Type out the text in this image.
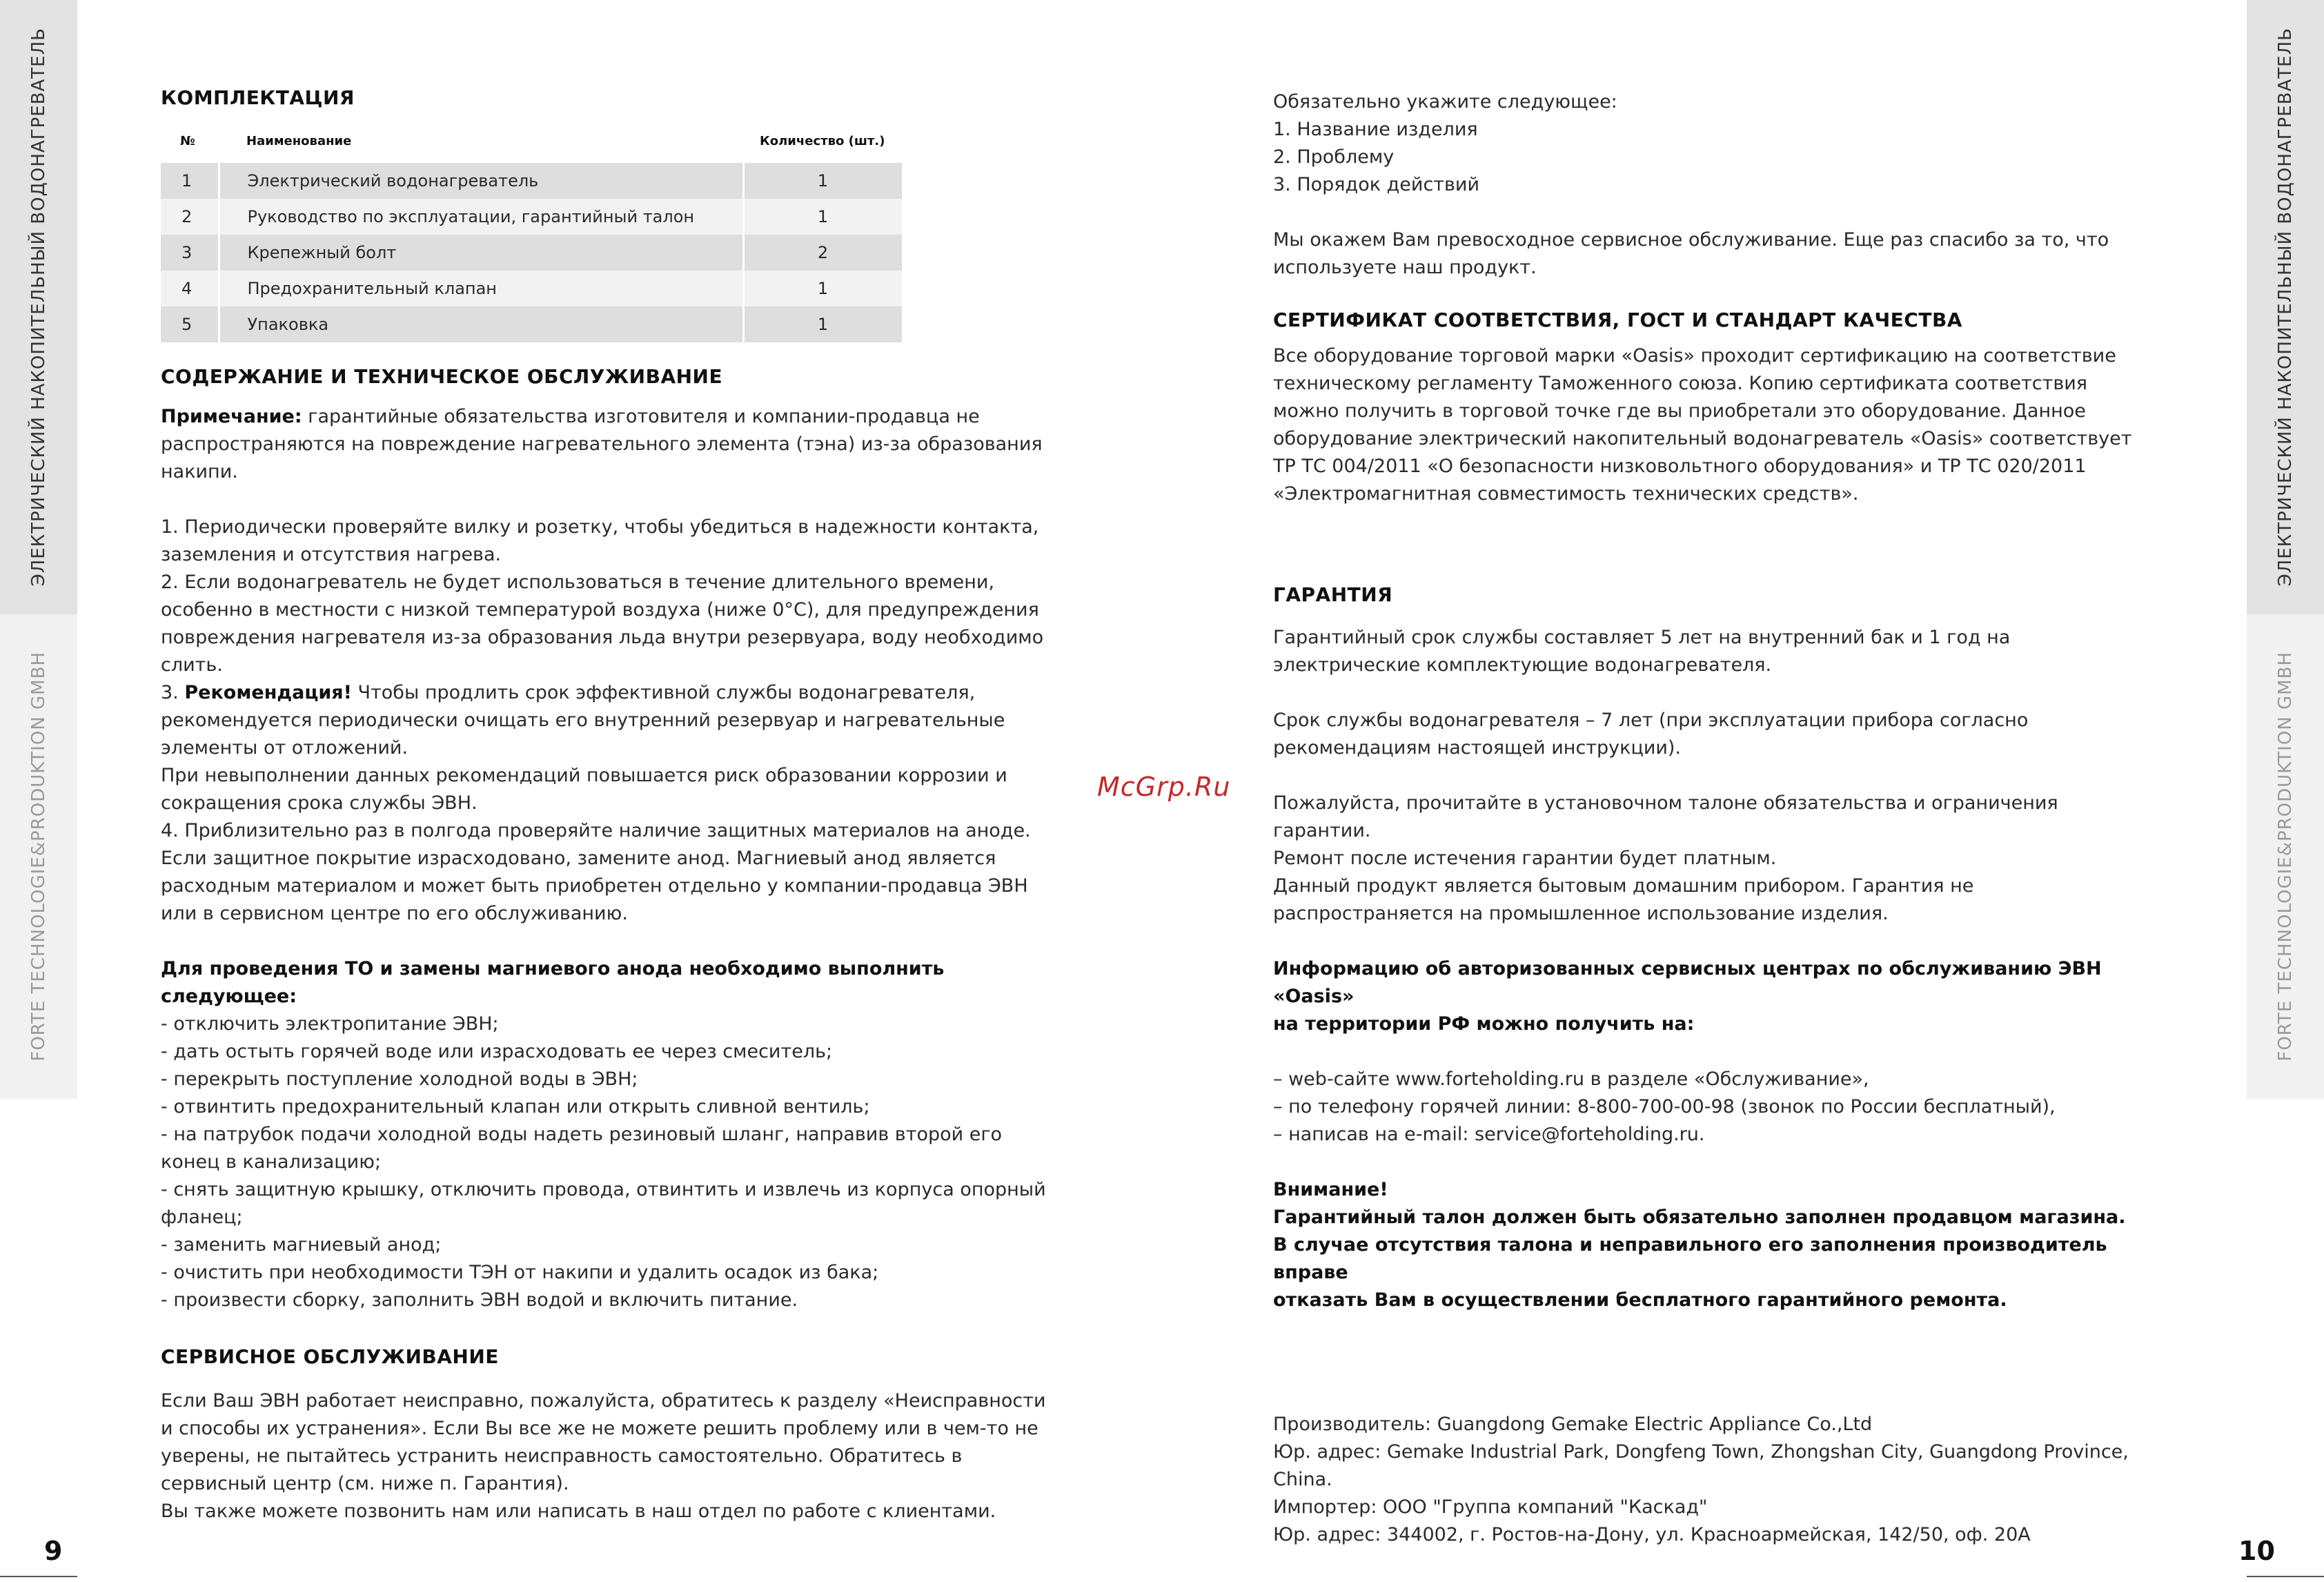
ЭЛЕКТРИЧЕСКИЙ НАКОПИТЕЛЬНЫЙ ВОДОНАГРЕВАТЕЛЬ
FORTE TECHNOLOGIE&PRODUKTION GMBH
ЭЛЕКТРИЧЕСКИЙ НАКОПИТЕЛЬНЫЙ ВОДОНАГРЕВАТЕЛЬ
FORTE TECHNOLOGIE&PRODUKTION GMBH
9	10
McGrp.Ru
КОМПЛЕКТАЦИЯ
№	Наименование	Количество (шт.)
1	Электрический водонагреватель	1
2	Руководство по эксплуатации, гарантийный талон	1
3	Крепежный болт	2
4	Предохранительный клапан	1
5	Упаковка	1
СОДЕРЖАНИЕ И ТЕХНИЧЕСКОЕ ОБСЛУЖИВАНИЕ

Примечание: гарантийные обязательства изготовителя и компании-продавца не распространяются на повреждение нагревательного элемента (тэна) из-за образования накипи.

1. Периодически проверяйте вилку и розетку, чтобы убедиться в надежности контакта, заземления и отсутствия нагрева.

2. Если водонагреватель не будет использоваться в течение длительного времени, особенно в местности с низкой температурой воздуха (ниже 0°С), для предупреждения повреждения нагревателя из-за образования льда внутри резервуара, воду необходимо слить.

3. Рекомендация! Чтобы продлить срок эффективной службы водонагревателя, рекомендуется периодически очищать его внутренний резервуар и нагревательные элементы от отложений.

При невыполнении данных рекомендаций повышается риск образовании коррозии и сокращения срока службы ЭВН.

4. Приблизительно раз в полгода проверяйте наличие защитных материалов на аноде. Если защитное покрытие израсходовано, замените анод. Магниевый анод является расходным материалом и может быть приобретен отдельно у компании-продавца ЭВН или в сервисном центре по его обслуживанию.

Для проведения ТО и замены магниевого анода необходимо выполнить следующее:

- отключить электропитание ЭВН;
- дать остыть горячей воде или израсходовать ее через смеситель;
- перекрыть поступление холодной воды в ЭВН;
- отвинтить предохранительный клапан или открыть сливной вентиль;
- на патрубок подачи холодной воды надеть резиновый шланг, направив второй его конец в канализацию;
- снять защитную крышку, отключить провода, отвинтить и извлечь из корпуса опорный фланец;
- заменить магниевый анод;
- очистить при необходимости ТЭН от накипи и удалить осадок из бака;
- произвести сборку, заполнить ЭВН водой и включить питание.
СЕРВИСНОЕ ОБСЛУЖИВАНИЕ

Если Ваш ЭВН работает неисправно, пожалуйста, обратитесь к разделу «Неисправности и способы их устранения». Если Вы все же не можете решить проблему или в чем-то не уверены, не пытайтесь устранить неисправность самостоятельно. Обратитесь в сервисный центр (см. ниже п. Гарантия).

Вы также можете позвонить нам или написать в наш отдел по работе с клиентами.

Обязательно укажите следующее:

1. Название изделия

2. Проблему

3. Порядок действий

Мы окажем Вам превосходное сервисное обслуживание. Еще раз спасибо за то, что используете наш продукт.

СЕРТИФИКАТ СООТВЕТСТВИЯ, ГОСТ И СТАНДАРТ КАЧЕСТВА

Все оборудование торговой марки «Oasis» проходит сертификацию на соответствие техническому регламенту Таможенного союза. Копию сертификата соответствия можно получить в торговой точке где вы приобретали это оборудование. Данное оборудование электрический накопительный водонагреватель «Oasis» соответствует ТР ТС 004/2011 «О безопасности низковольтного оборудования» и ТР ТС 020/2011 «Электромагнитная совместимость технических средств».

ГАРАНТИЯ

Гарантийный срок службы составляет 5 лет на внутренний бак и 1 год на электрические комплектующие водонагревателя.

Срок службы водонагревателя – 7 лет (при эксплуатации прибора согласно рекомендациям настоящей инструкции).

Пожалуйста, прочитайте в установочном талоне обязательства и ограничения гарантии.

Ремонт после истечения гарантии будет платным.

Данный продукт является бытовым домашним прибором. Гарантия не распространяется на промышленное использование изделия.

Информацию об авторизованных сервисных центрах по обслуживанию ЭВН «Oasis»

на территории РФ можно получить на:

– web-сайте www.forteholding.ru в разделе «Обслуживание»,

– по телефону горячей линии: 8-800-700-00-98 (звонок по России бесплатный),

– написав на e-mail: service@forteholding.ru.

Внимание!

Гарантийный талон должен быть обязательно заполнен продавцом магазина.

В случае отсутствия талона и неправильного его заполнения производитель вправе

отказать Вам в осуществлении бесплатного гарантийного ремонта.

Производитель: Guangdong Gemake Electric Appliance Co.,Ltd

Юр. адрес: Gemake Industrial Park, Dongfeng Town, Zhongshan City, Guangdong Province, China.

Импортер: ООО "Группа компаний "Каскад"

Юр. адрес: 344002, г. Ростов-на-Дону, ул. Красноармейская, 142/50, оф. 20А
